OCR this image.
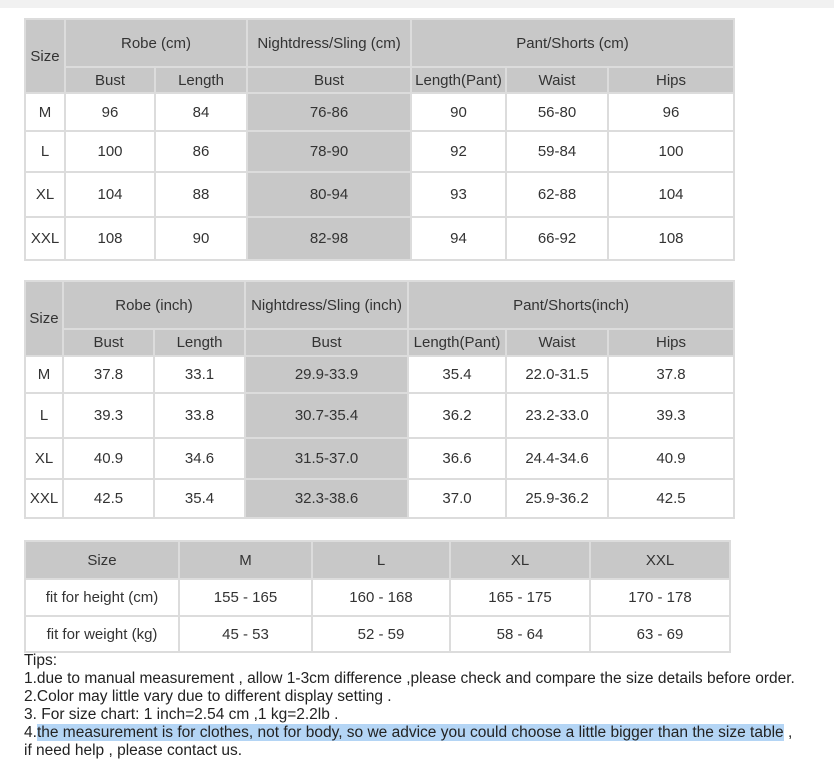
Size	Robe (cm)		Nightdress/Sling (cm)	Pant/Shorts (cm)		
	Bust	Length	Bust	Length(Pant)	Waist	Hips
M	96	84	76-86	90	56-80	96
L	100	86	78-90	92	59-84	100
XL	104	88	80-94	93	62-88	104
XXL	108	90	82-98	94	66-92	108
Size	Robe (inch)		Nightdress/Sling (inch)	Pant/Shorts(inch)		
	Bust	Length	Bust	Length(Pant)	Waist	Hips
M	37.8	33.1	29.9-33.9	35.4	22.0-31.5	37.8
L	39.3	33.8	30.7-35.4	36.2	23.2-33.0	39.3
XL	40.9	34.6	31.5-37.0	36.6	24.4-34.6	40.9
XXL	42.5	35.4	32.3-38.6	37.0	25.9-36.2	42.5
Size	M	L	XL	XXL
fit for height (cm)	155 - 165	160 - 168	165 - 175	170 - 178
fit for weight (kg)	45 - 53	52 - 59	58 - 64	63 - 69
Tips:
1.due to manual measurement , allow 1-3cm difference ,please check and compare the size details before order.
2.Color may little vary due to different display setting .
3. For size chart: 1 inch=2.54 cm ,1 kg=2.2lb .
4.the measurement is for clothes, not for body, so we advice you could choose a little bigger than the size table ,
if need help , please contact us.
